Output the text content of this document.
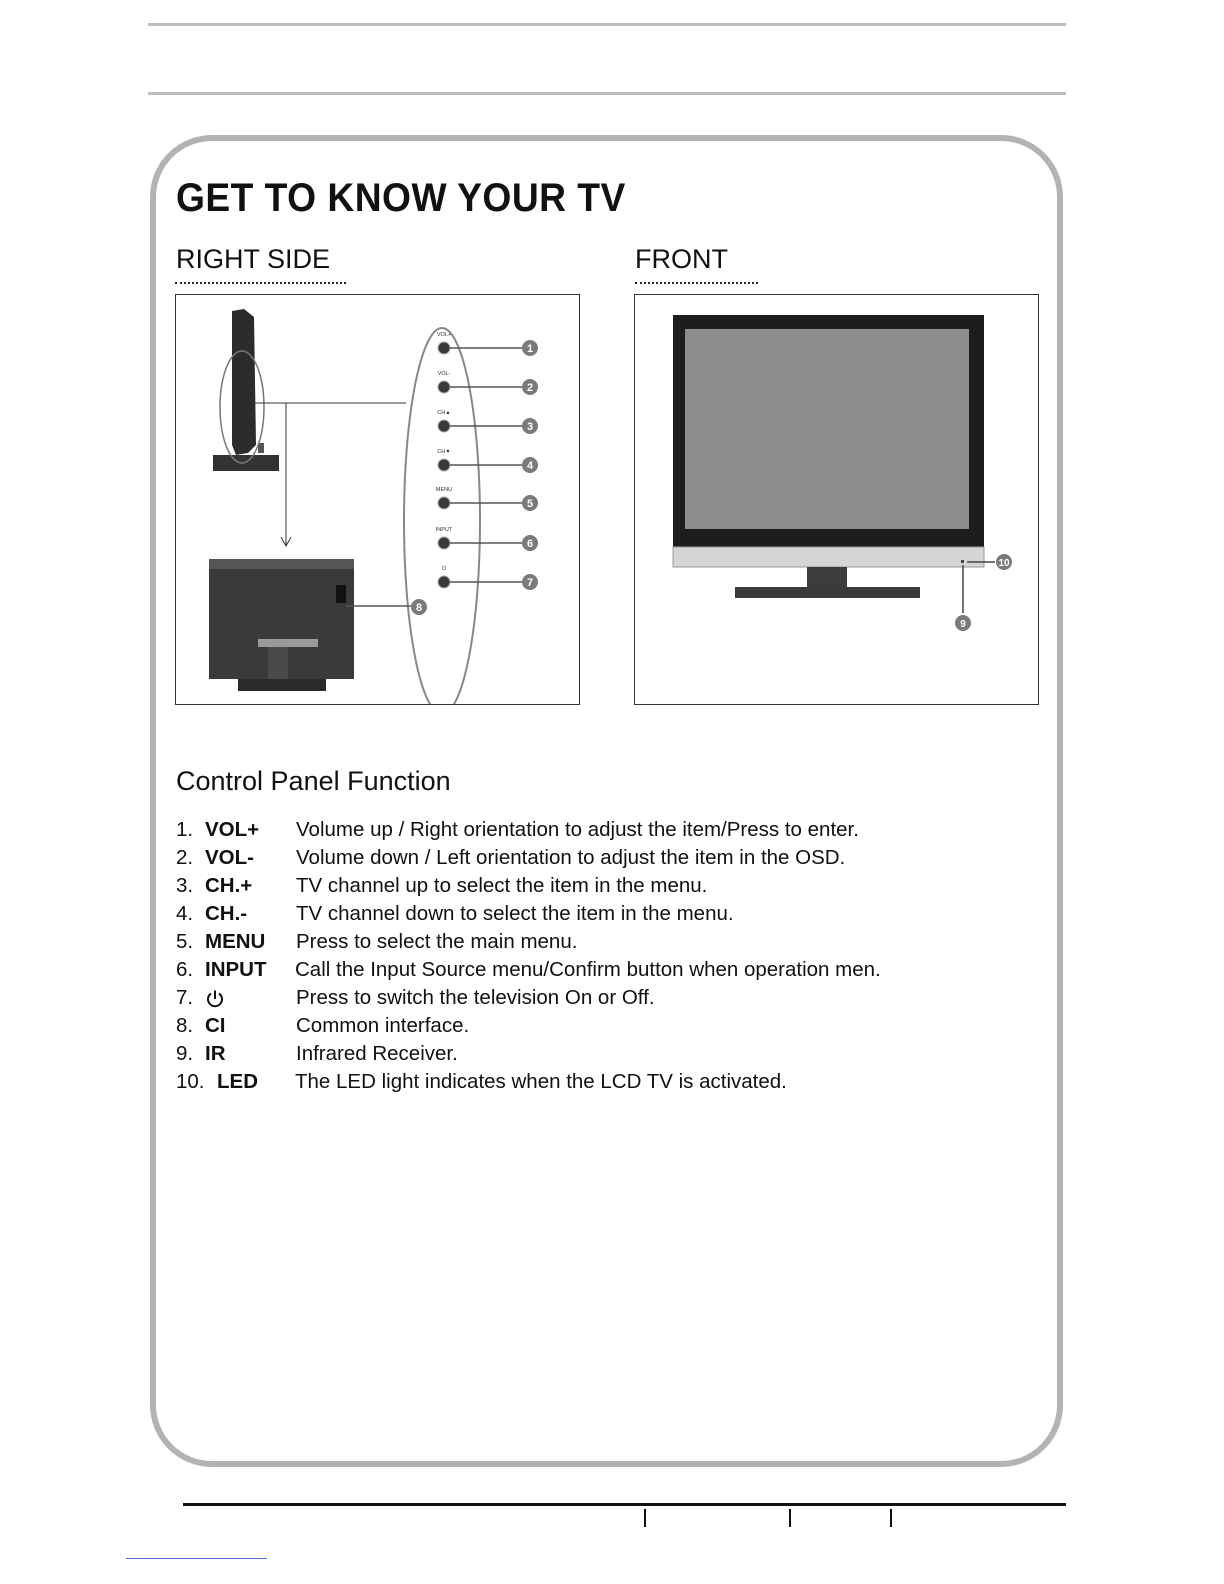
GET TO KNOW YOUR TV
RIGHT SIDE	FRONT
VOL+
VOL-
CH▲
CH▼
MENU
INPUT
⏻
1
2
3
4
5
6
7
8
10
9
Control Panel Function
1. VOL+ Volume up / Right orientation to adjust the item/Press to enter.
2. VOL- Volume down / Left orientation to adjust the item in the OSD.
3. CH.+ TV channel up to select the item in the menu.
4. CH.- TV channel down to select the item in the menu.
5. MENU Press to select the main menu.
6. INPUT Call the Input Source menu/Confirm button when operation men.
7.	Press to switch the television On or Off.
8. CI	Common interface.
9. IR	Infrared Receiver.
10. LED The LED light indicates when the LCD TV is activated.
